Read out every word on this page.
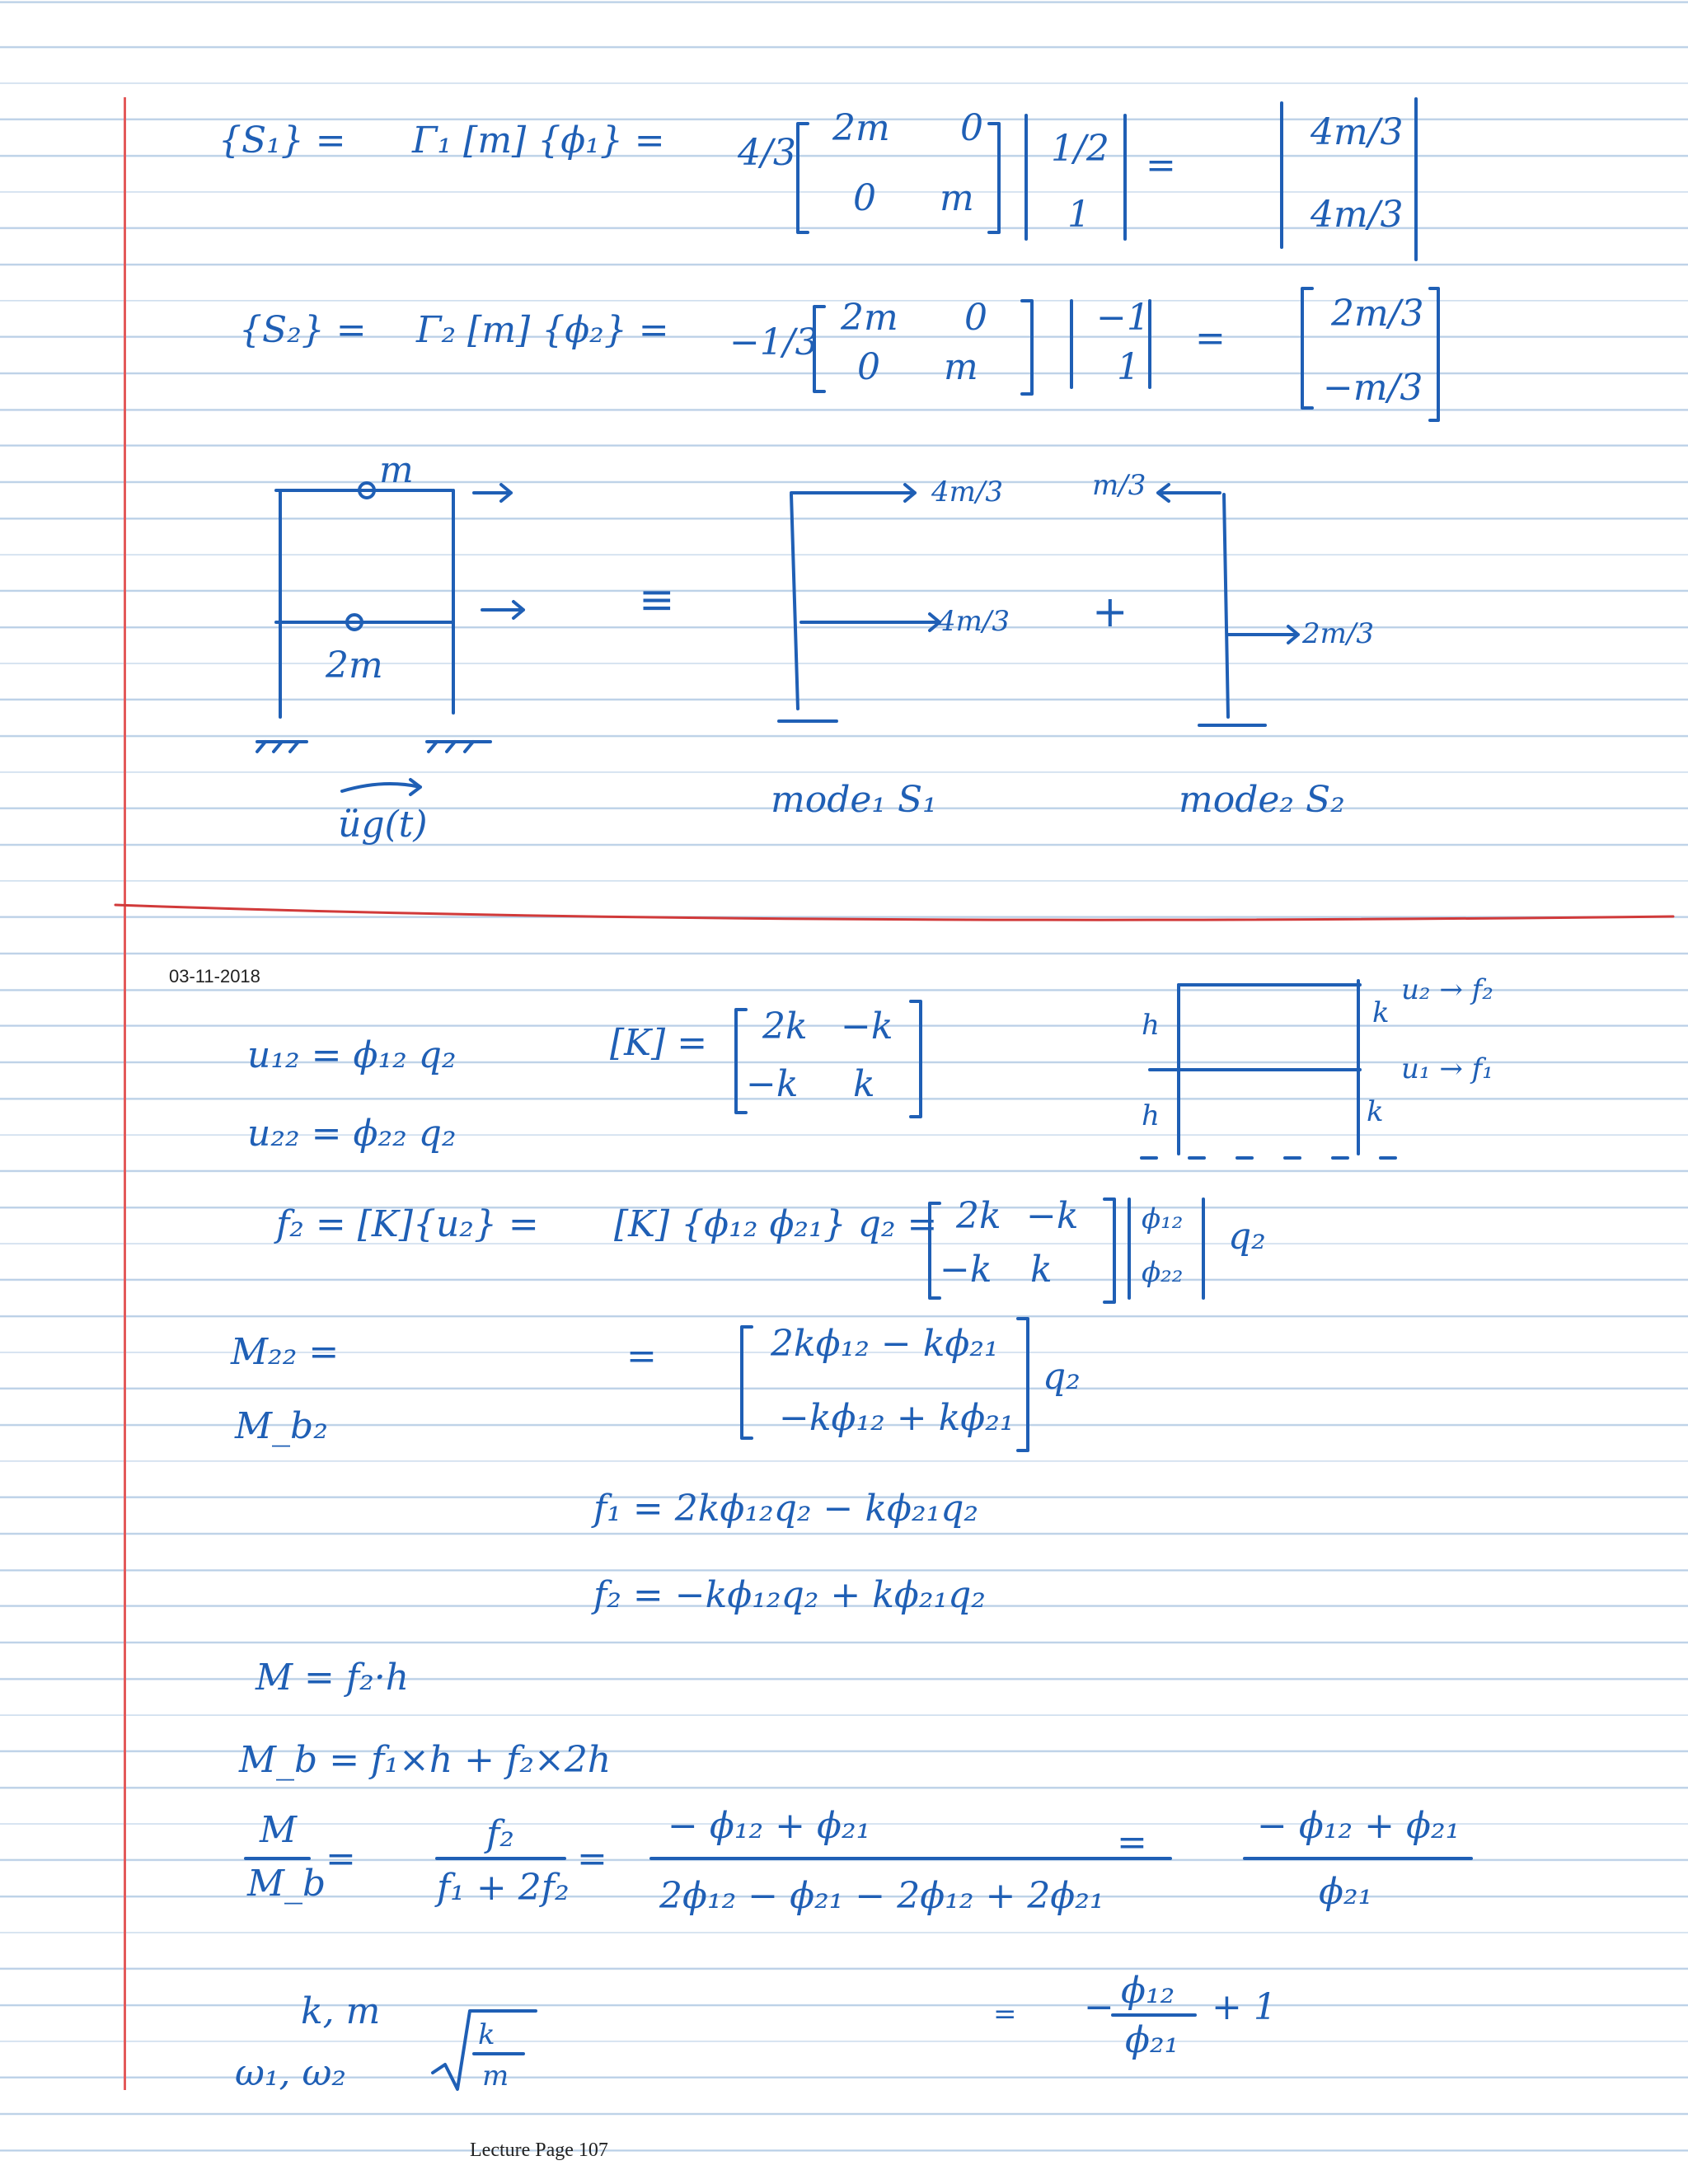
{S₁} = Γ₁ [m] {ϕ₁} = 4/3
2m 0
0 m
1/2
1
=
4m/3
4m/3
{S₂} = Γ₂ [m] {ϕ₂} = −1/3
2m 0
0 m
−1
1
=
2m/3
−m/3
m
2m
üg(t)
≡
4m/3
4m/3
mode₁ S₁
+
m/3
2m/3
mode₂ S₂
u₁₂ = ϕ₁₂ q₂
u₂₂ = ϕ₂₂ q₂
[K] = 2k −k
−k k
h
h
k
k
u₂ → f₂
u₁ → f₁
f₂ = [K]{u₂} = [K] {ϕ₁₂ ϕ₂₁} q₂ = 2k −k
−k k
ϕ₁₂
ϕ₂₂
q₂
M₂₂ =
M_b₂
=	2kϕ₁₂ − kϕ₂₁
−kϕ₁₂ + kϕ₂₁
q₂
f₁ = 2kϕ₁₂q₂ − kϕ₂₁q₂
f₂ = −kϕ₁₂q₂ + kϕ₂₁q₂
M = f₂·h
M_b = f₁×h + f₂×2h
M
M_b
=
f₂
f₁ + 2f₂
=
− ϕ₁₂ + ϕ₂₁
2ϕ₁₂ − ϕ₂₁ − 2ϕ₁₂ + 2ϕ₂₁
=	− ϕ₁₂ + ϕ₂₁
ϕ₂₁
= − ϕ₁₂
ϕ₂₁
+ 1
k, m
ω₁, ω₂
k
m
03-11-2018
Lecture Page 107
